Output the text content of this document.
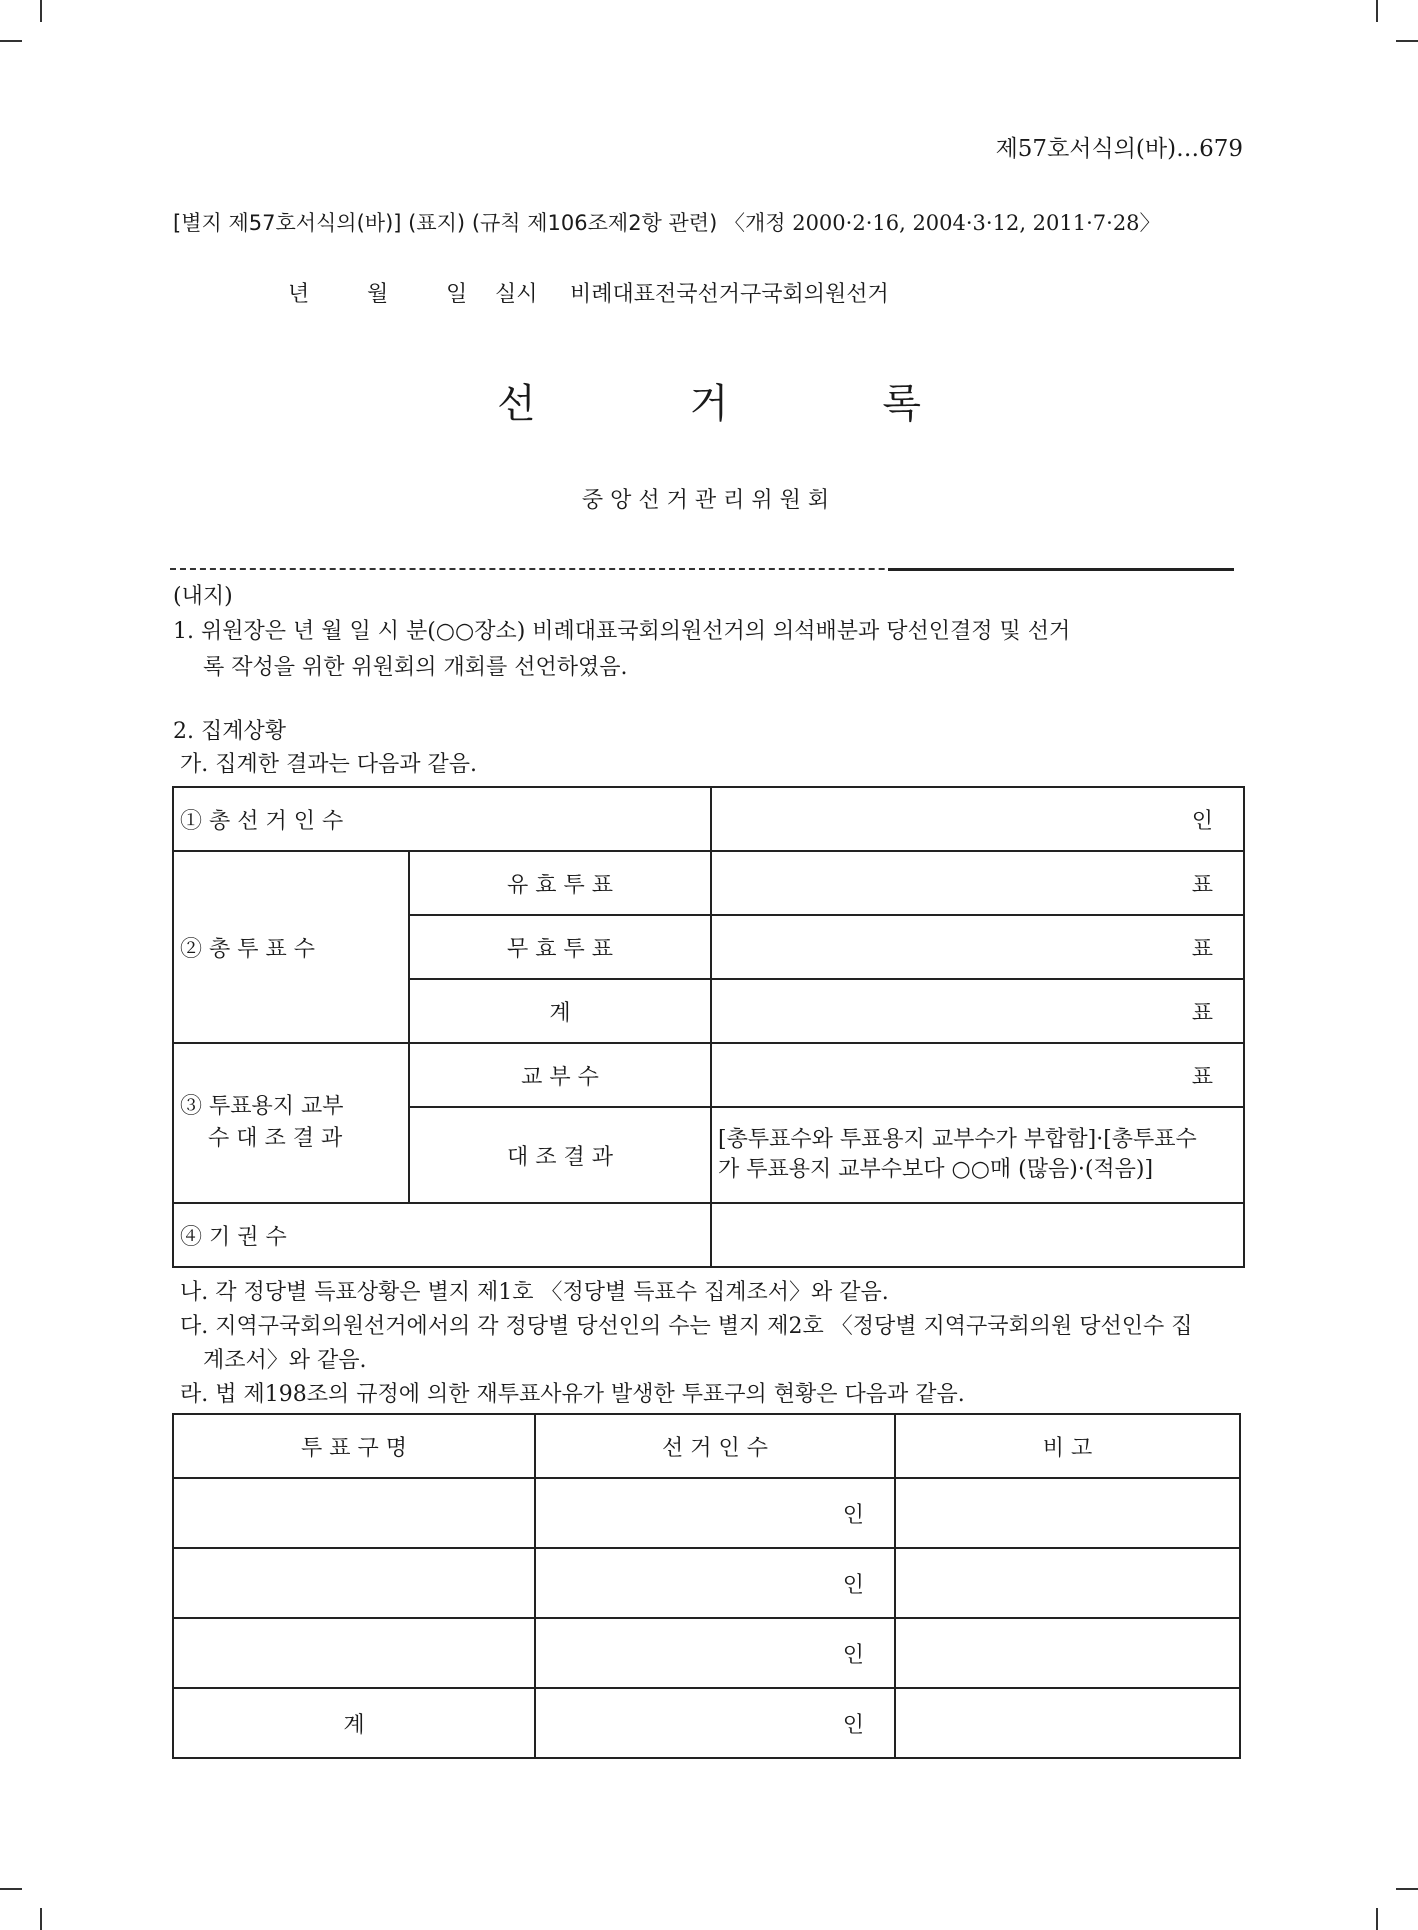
제57호서식의(바)…679
[별지 제57호서식의(바)] (표지) (규칙 제106조제2항 관련) 〈개정 2000·2·16, 2004·3·12, 2011·7·28〉
년	월	일 실시 비례대표전국선거구국회의원선거
선	거	록
중앙선거관리위원회
(내지)
1. 위원장은 년 월 일 시 분(○○장소) 비례대표국회의원선거의 의석배분과 당선인결정 및 선거
록 작성을 위한 위원회의 개회를 선언하였음.
2. 집계상황
가. 집계한 결과는 다음과 같음.
① 총 선 거 인 수		인
② 총 투 표 수	유 효 투 표	표
	무 효 투 표	표
	계	표

③ 투표용지 교부
수 대 조 결 과	교 부 수	표
	대 조 결 과	[총투표수와 투표용지 교부수가 부합함]·[총투표수
가 투표용지 교부수보다 ○○매 (많음)·(적음)]

④ 기 권 수		
나. 각 정당별 득표상황은 별지 제1호 〈정당별 득표수 집계조서〉와 같음.
다. 지역구국회의원선거에서의 각 정당별 당선인의 수는 별지 제2호 〈정당별 지역구국회의원 당선인수 집
계조서〉와 같음.
라. 법 제198조의 규정에 의한 재투표사유가 발생한 투표구의 현황은 다음과 같음.
투 표 구 명	선 거 인 수	비 고
	인	
	인	
	인	
계	인	
